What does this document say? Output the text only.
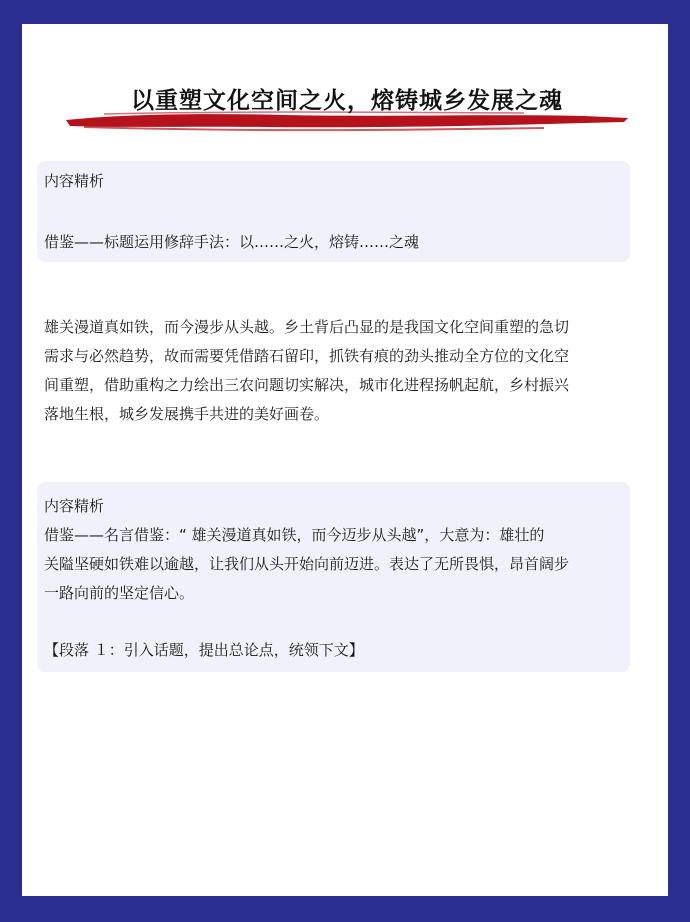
以重塑文化空间之火，熔铸城乡发展之魂
内容精析
借鉴——标题运用修辞手法：以……之火，熔铸……之魂
雄关漫道真如铁，而今漫步从头越。乡土背后凸显的是我国文化空间重塑的急切
需求与必然趋势，故而需要凭借踏石留印，抓铁有痕的劲头推动全方位的文化空
间重塑，借助重构之力绘出三农问题切实解决，城市化进程扬帆起航，乡村振兴
落地生根，城乡发展携手共进的美好画卷。
内容精析
借鉴——名言借鉴：“ 雄关漫道真如铁，而今迈步从头越”，大意为：雄壮的
关隘坚硬如铁难以逾越，让我们从头开始向前迈进。表达了无所畏惧，昂首阔步
一路向前的坚定信心。
【段落 １：引入话题，提出总论点，统领下文】
@楚雨教育
